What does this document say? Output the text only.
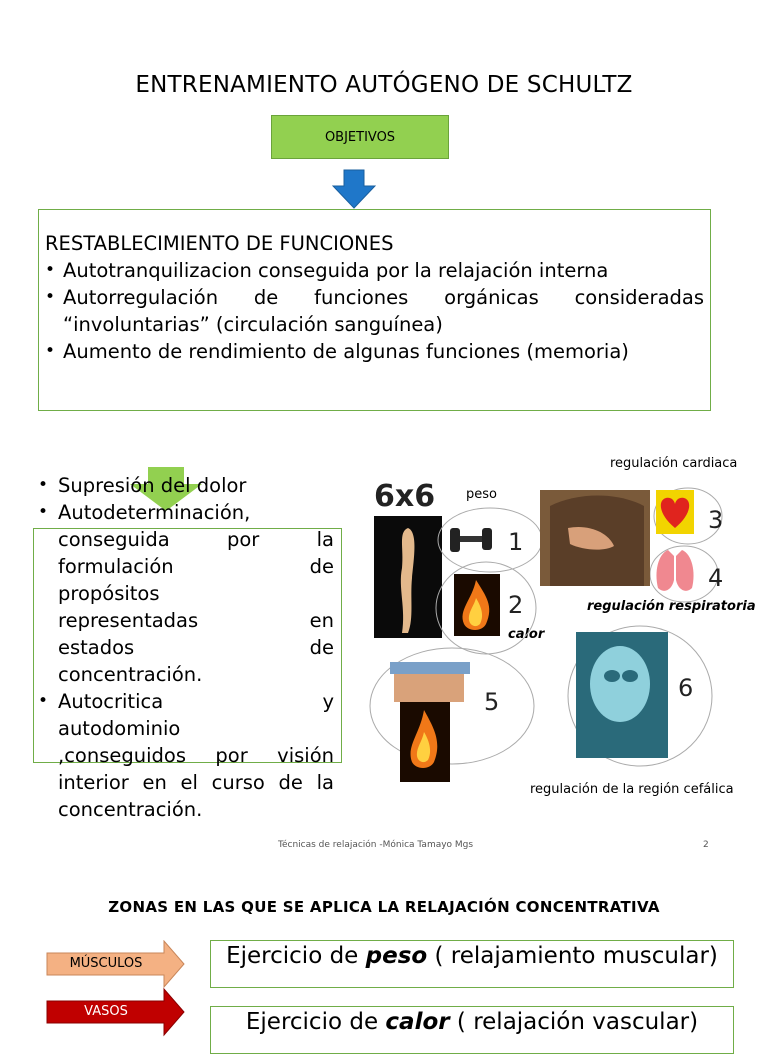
ENTRENAMIENTO AUTÓGENO DE SCHULTZ
OBJETIVOS
RESTABLECIMIENTO DE FUNCIONES
• Autotranquilizacion conseguida por la relajación interna
• Autorregulación de funciones orgánicas consideradas “involuntarias” (circulación sanguínea)
• Aumento de rendimiento de algunas funciones (memoria)
• Supresión del dolor
• Autodeterminación,
conseguida	por	la
formulación	de
propósitos
representadas	en
estados	de
concentración.
• Autocritica	y
autodominio
,conseguidos por visión
interior en el curso de la
concentración.
6x6 peso
regulación cardiaca
regulación respiratoria
calor
regulación de la región cefálica
1
2
3
4
5	6
Técnicas de relajación -Mónica Tamayo Mgs	2
ZONAS EN LAS QUE SE APLICA LA RELAJACIÓN CONCENTRATIVA
MÚSCULOS	Ejercicio de peso ( relajamiento muscular)
VASOS	Ejercicio de calor ( relajación vascular)
